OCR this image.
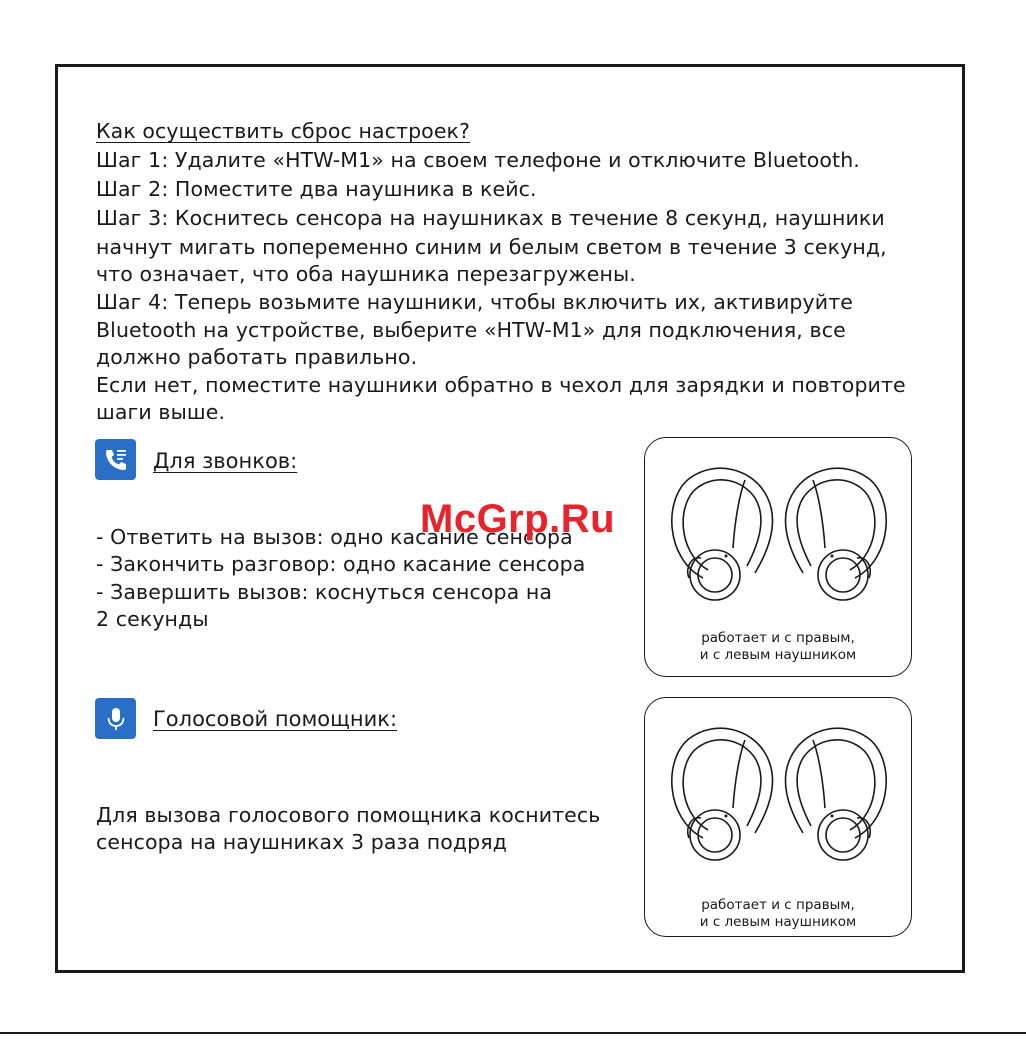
Как осуществить сброс настроек?
Шаг 1: Удалите «HTW-M1» на своем телефоне и отключите Bluetooth.
Шаг 2: Поместите два наушника в кейс.
Шаг 3: Коснитесь сенсора на наушниках в течение 8 секунд, наушники
начнут мигать попеременно синим и белым светом в течение 3 секунд,
что означает, что оба наушника перезагружены.
Шаг 4: Теперь возьмите наушники, чтобы включить их, активируйте
Bluetooth на устройстве, выберите «HTW-M1» для подключения, все
должно работать правильно.
Если нет, поместите наушники обратно в чехол для зарядки и повторите
шаги выше.
Для звонков:
- Ответить на вызов: одно касание сенсора
- Закончить разговор: одно касание сенсора
- Завершить вызов: коснуться сенсора на
2 секунды
работает и с правым,
и с левым наушником
Голосовой помощник:
Для вызова голосового помощника коснитесь
сенсора на наушниках 3 раза подряд
работает и с правым,
и с левым наушником
McGrp.Ru
